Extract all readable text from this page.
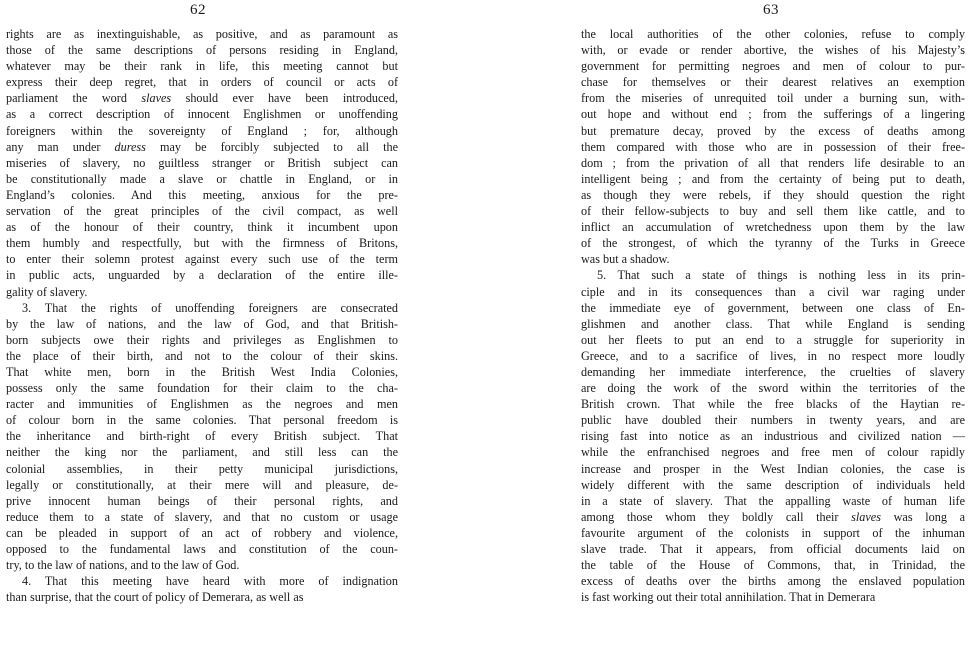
62
rights are as inextinguishable, as positive, and as paramount as
those of the same descriptions of persons residing in England,
whatever may be their rank in life, this meeting cannot but
express their deep regret, that in orders of council or acts of
parliament the word slaves should ever have been introduced,
as a correct description of innocent Englishmen or unoffending
foreigners within the sovereignty of England ; for, although
any man under duress may be forcibly subjected to all the
miseries of slavery, no guiltless stranger or British subject can
be constitutionally made a slave or chattle in England, or in
England’s colonies. And this meeting, anxious for the pre-
servation of the great principles of the civil compact, as well
as of the honour of their country, think it incumbent upon
them humbly and respectfully, but with the firmness of Britons,
to enter their solemn protest against every such use of the term
in public acts, unguarded by a declaration of the entire ille-
gality of slavery.
3. That the rights of unoffending foreigners are consecrated
by the law of nations, and the law of God, and that British-
born subjects owe their rights and privileges as Englishmen to
the place of their birth, and not to the colour of their skins.
That white men, born in the British West India Colonies,
possess only the same foundation for their claim to the cha-
racter and immunities of Englishmen as the negroes and men
of colour born in the same colonies. That personal freedom is
the inheritance and birth-right of every British subject. That
neither the king nor the parliament, and still less can the
colonial assemblies, in their petty municipal jurisdictions,
legally or constitutionally, at their mere will and pleasure, de-
prive innocent human beings of their personal rights, and
reduce them to a state of slavery, and that no custom or usage
can be pleaded in support of an act of robbery and violence,
opposed to the fundamental laws and constitution of the coun-
try, to the law of nations, and to the law of God.
4. That this meeting have heard with more of indignation
than surprise, that the court of policy of Demerara, as well as
63
the local authorities of the other colonies, refuse to comply
with, or evade or render abortive, the wishes of his Majesty’s
government for permitting negroes and men of colour to pur-
chase for themselves or their dearest relatives an exemption
from the miseries of unrequited toil under a burning sun, with-
out hope and without end ; from the sufferings of a lingering
but premature decay, proved by the excess of deaths among
them compared with those who are in possession of their free-
dom ; from the privation of all that renders life desirable to an
intelligent being ; and from the certainty of being put to death,
as though they were rebels, if they should question the right
of their fellow-subjects to buy and sell them like cattle, and to
inflict an accumulation of wretchedness upon them by the law
of the strongest, of which the tyranny of the Turks in Greece
was but a shadow.
5. That such a state of things is nothing less in its prin-
ciple and in its consequences than a civil war raging under
the immediate eye of government, between one class of En-
glishmen and another class. That while England is sending
out her fleets to put an end to a struggle for superiority in
Greece, and to a sacrifice of lives, in no respect more loudly
demanding her immediate interference, the cruelties of slavery
are doing the work of the sword within the territories of the
British crown. That while the free blacks of the Haytian re-
public have doubled their numbers in twenty years, and are
rising fast into notice as an industrious and civilized nation —
while the enfranchised negroes and free men of colour rapidly
increase and prosper in the West Indian colonies, the case is
widely different with the same description of individuals held
in a state of slavery. That the appalling waste of human life
among those whom they boldly call their slaves was long a
favourite argument of the colonists in support of the inhuman
slave trade. That it appears, from official documents laid on
the table of the House of Commons, that, in Trinidad, the
excess of deaths over the births among the enslaved population
is fast working out their total annihilation. That in Demerara
